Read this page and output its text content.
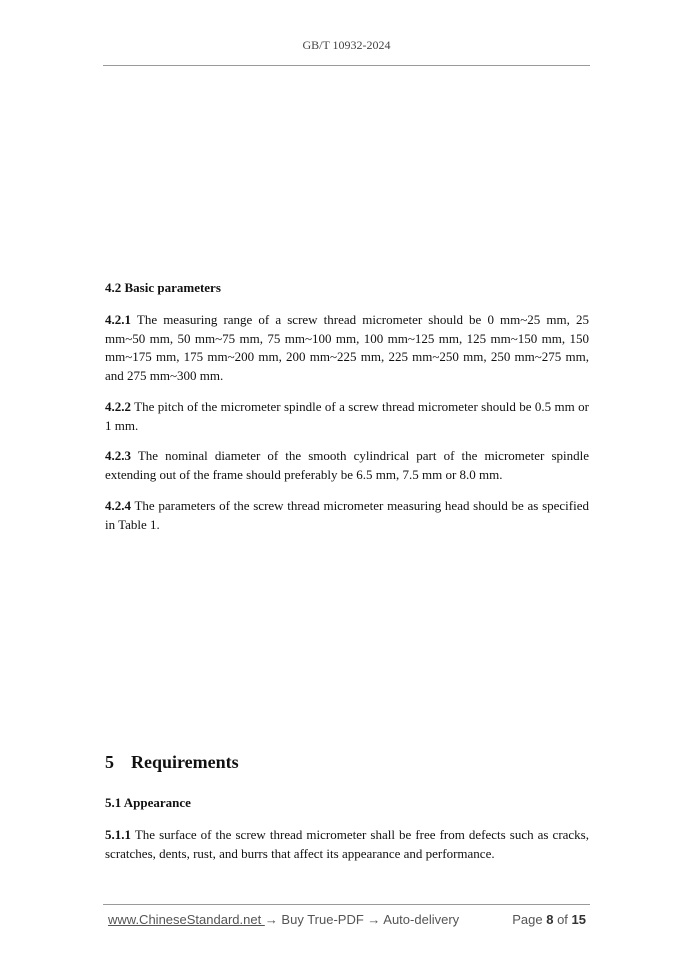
GB/T 10932-2024
4.2 Basic parameters

4.2.1 The measuring range of a screw thread micrometer should be 0 mm~25 mm, 25 mm~50 mm, 50 mm~75 mm, 75 mm~100 mm, 100 mm~125 mm, 125 mm~150 mm, 150 mm~175 mm, 175 mm~200 mm, 200 mm~225 mm, 225 mm~250 mm, 250 mm~275 mm, and 275 mm~300 mm.

4.2.2 The pitch of the micrometer spindle of a screw thread micrometer should be 0.5 mm or 1 mm.

4.2.3 The nominal diameter of the smooth cylindrical part of the micrometer spindle extending out of the frame should preferably be 6.5 mm, 7.5 mm or 8.0 mm.

4.2.4 The parameters of the screw thread micrometer measuring head should be as specified in Table 1.

5 Requirements
5.1 Appearance

5.1.1 The surface of the screw thread micrometer shall be free from defects such as cracks, scratches, dents, rust, and burrs that affect its appearance and performance.

www.ChineseStandard.net → Buy True-PDF → Auto-delivery	Page 8 of 15
